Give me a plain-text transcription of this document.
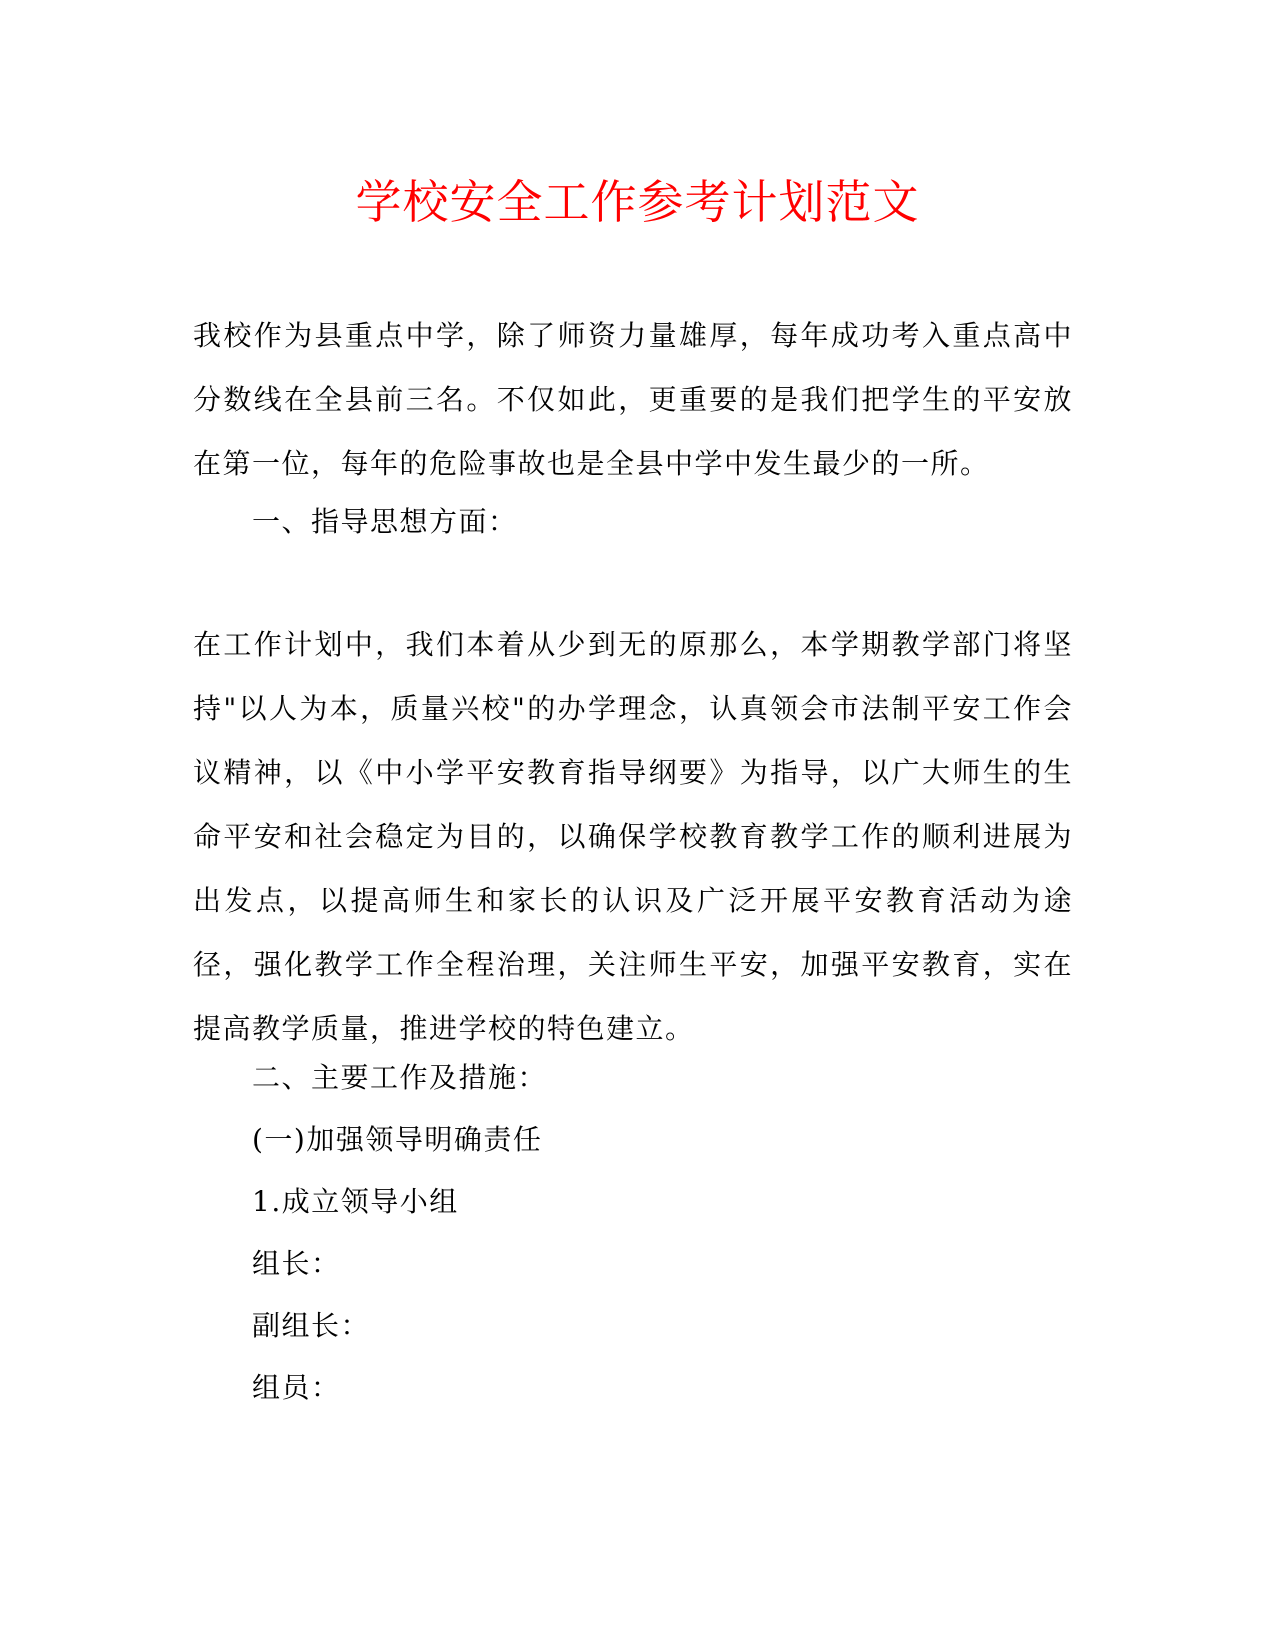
学校安全工作参考计划范文
我校作为县重点中学，除了师资力量雄厚，每年成功考入重点高中分数线在全县前三名。不仅如此，更重要的是我们把学生的平安放在第一位，每年的危险事故也是全县中学中发生最少的一所。
一、指导思想方面：
在工作计划中，我们本着从少到无的原那么，本学期教学部门将坚持"以人为本，质量兴校"的办学理念，认真领会市法制平安工作会议精神，以《中小学平安教育指导纲要》为指导，以广大师生的生命平安和社会稳定为目的，以确保学校教育教学工作的顺利进展为出发点，以提高师生和家长的认识及广泛开展平安教育活动为途径，强化教学工作全程治理，关注师生平安，加强平安教育，实在提高教学质量，推进学校的特色建立。
二、主要工作及措施：
(一)加强领导明确责任
1.成立领导小组
组长：
副组长：
组员：
